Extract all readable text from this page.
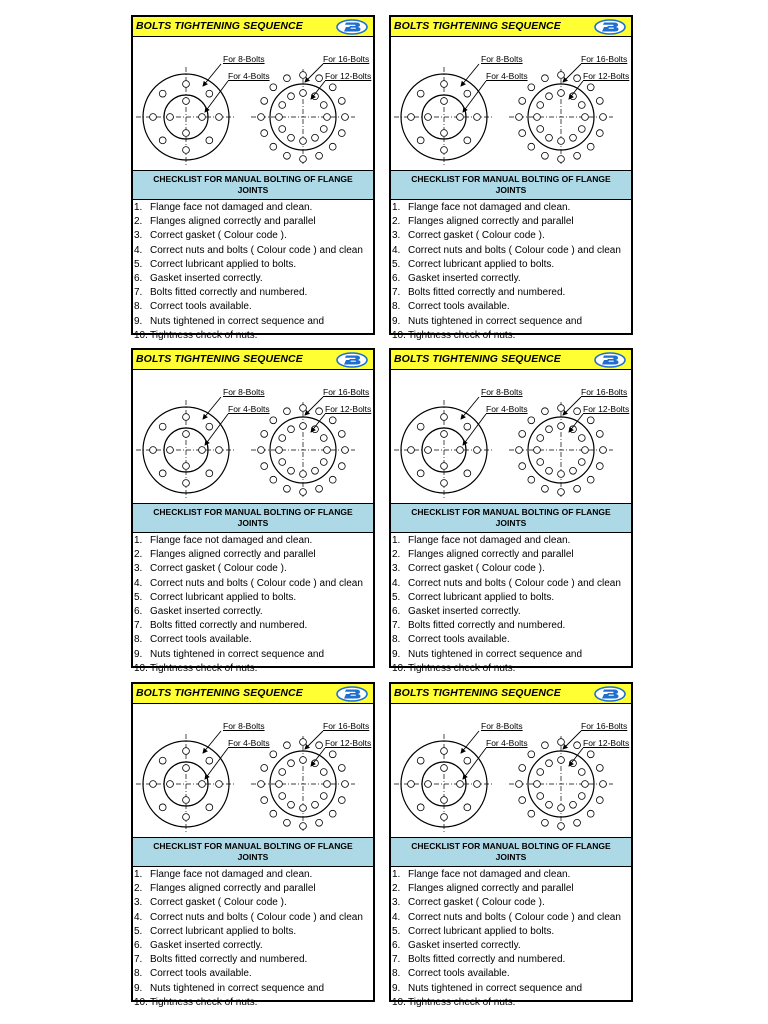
BOLTS TIGHTENING SEQUENCE
For 8-Bolts
For 4-Bolts
For 16-Bolts
For 12-Bolts
CHECKLIST FOR MANUAL BOLTING OF FLANGE JOINTS
1. Flange face not damaged and clean.
2. Flanges aligned correctly and parallel
3. Correct gasket ( Colour code ).
4. Correct nuts and bolts ( Colour code ) and clean
5. Correct lubricant applied to bolts.
6. Gasket inserted correctly.
7. Bolts fitted correctly and numbered.
8. Correct tools available.
9. Nuts tightened in correct sequence and
10. Tightness check of nuts.
BOLTS TIGHTENING SEQUENCE
For 8-Bolts
For 4-Bolts
For 16-Bolts
For 12-Bolts
CHECKLIST FOR MANUAL BOLTING OF FLANGE JOINTS
1. Flange face not damaged and clean.
2. Flanges aligned correctly and parallel
3. Correct gasket ( Colour code ).
4. Correct nuts and bolts ( Colour code ) and clean
5. Correct lubricant applied to bolts.
6. Gasket inserted correctly.
7. Bolts fitted correctly and numbered.
8. Correct tools available.
9. Nuts tightened in correct sequence and
10. Tightness check of nuts.
BOLTS TIGHTENING SEQUENCE
For 8-Bolts
For 4-Bolts
For 16-Bolts
For 12-Bolts
CHECKLIST FOR MANUAL BOLTING OF FLANGE JOINTS
1. Flange face not damaged and clean.
2. Flanges aligned correctly and parallel
3. Correct gasket ( Colour code ).
4. Correct nuts and bolts ( Colour code ) and clean
5. Correct lubricant applied to bolts.
6. Gasket inserted correctly.
7. Bolts fitted correctly and numbered.
8. Correct tools available.
9. Nuts tightened in correct sequence and
10. Tightness check of nuts.
BOLTS TIGHTENING SEQUENCE
For 8-Bolts
For 4-Bolts
For 16-Bolts
For 12-Bolts
CHECKLIST FOR MANUAL BOLTING OF FLANGE JOINTS
1. Flange face not damaged and clean.
2. Flanges aligned correctly and parallel
3. Correct gasket ( Colour code ).
4. Correct nuts and bolts ( Colour code ) and clean
5. Correct lubricant applied to bolts.
6. Gasket inserted correctly.
7. Bolts fitted correctly and numbered.
8. Correct tools available.
9. Nuts tightened in correct sequence and
10. Tightness check of nuts.
BOLTS TIGHTENING SEQUENCE
For 8-Bolts
For 4-Bolts
For 16-Bolts
For 12-Bolts
CHECKLIST FOR MANUAL BOLTING OF FLANGE JOINTS
1. Flange face not damaged and clean.
2. Flanges aligned correctly and parallel
3. Correct gasket ( Colour code ).
4. Correct nuts and bolts ( Colour code ) and clean
5. Correct lubricant applied to bolts.
6. Gasket inserted correctly.
7. Bolts fitted correctly and numbered.
8. Correct tools available.
9. Nuts tightened in correct sequence and
10. Tightness check of nuts.
BOLTS TIGHTENING SEQUENCE
For 8-Bolts
For 4-Bolts
For 16-Bolts
For 12-Bolts
CHECKLIST FOR MANUAL BOLTING OF FLANGE JOINTS
1. Flange face not damaged and clean.
2. Flanges aligned correctly and parallel
3. Correct gasket ( Colour code ).
4. Correct nuts and bolts ( Colour code ) and clean
5. Correct lubricant applied to bolts.
6. Gasket inserted correctly.
7. Bolts fitted correctly and numbered.
8. Correct tools available.
9. Nuts tightened in correct sequence and
10. Tightness check of nuts.
